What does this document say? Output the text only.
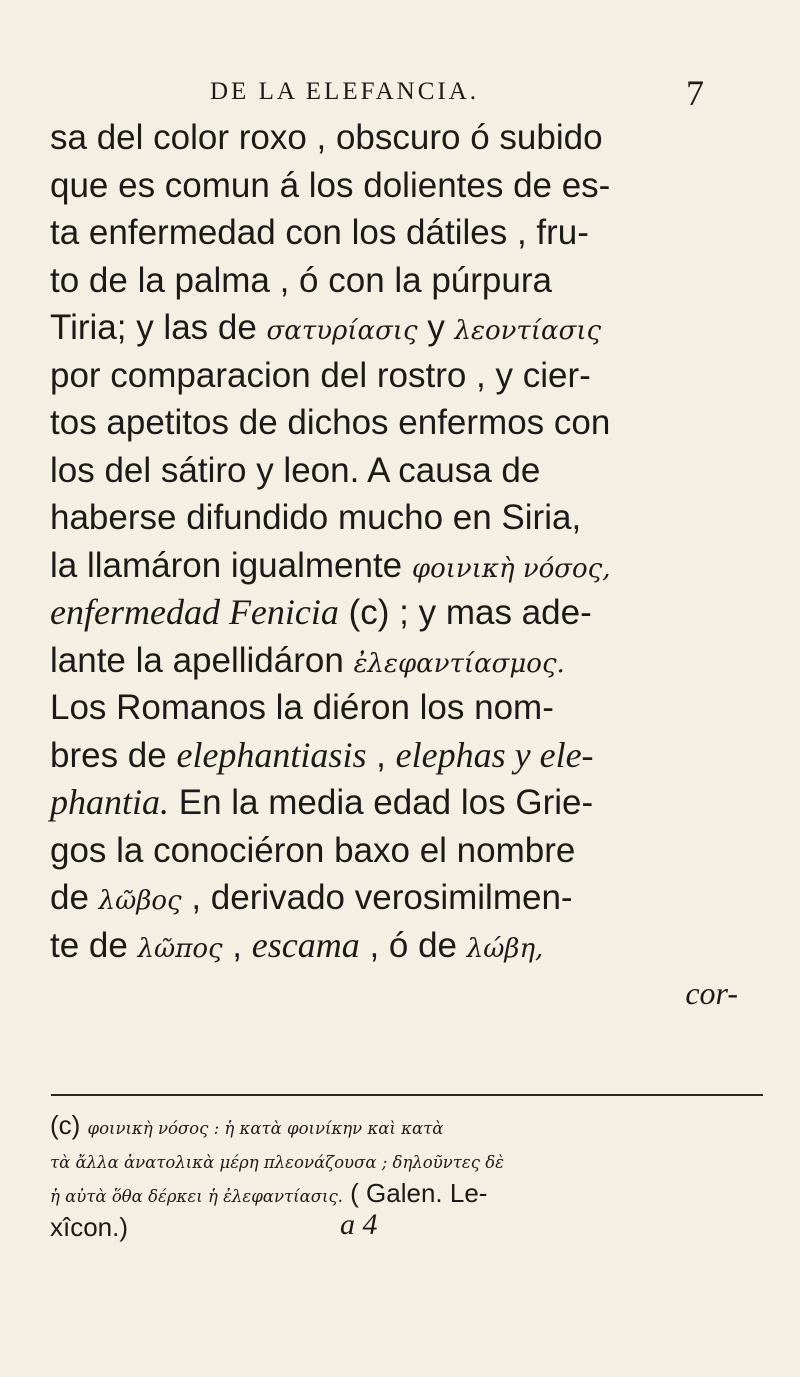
DE LA ELEFANCIA.	7
sa del color roxo , obscuro ó subido
que es comun á los dolientes de es-
ta enfermedad con los dátiles , fru-
to de la palma , ó con la púrpura
Tiria; y las de σατυρίασις y λεοντίασις
por comparacion del rostro , y cier-
tos apetitos de dichos enfermos con
los del sátiro y leon. A causa de
haberse difundido mucho en Siria,
la llamáron igualmente φοινικὴ νόσος,
enfermedad Fenicia (c) ; y mas ade-
lante la apellidáron ἐλεφαντίασμος.
Los Romanos la diéron los nom-
bres de elephantiasis , elephas y ele-
phantia. En la media edad los Grie-
gos la conociéron baxo el nombre
de λῶβος , derivado verosimilmen-
te de λῶπος , escama , ó de λώβη,
cor-
(c) φοινικὴ νόσος : ἡ κατὰ φοινίκην καὶ κατὰ
τὰ ἄλλα ἀνατολικὰ μέρη πλεονάζουσα ; δηλοῦντες δὲ
ἡ αὐτὰ ὅθα δέρκει ἡ ἐλεφαντίασις. ( Galen. Le-
xîcon.)	a 4
